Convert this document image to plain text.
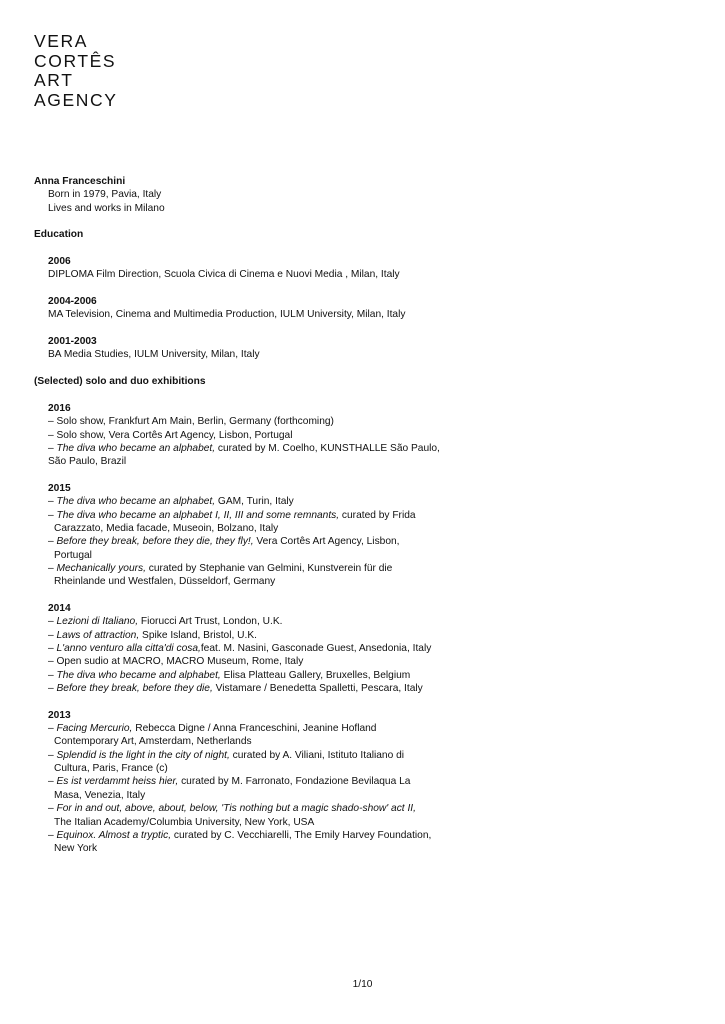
VERA
CORTÊS
ART
AGENCY
Anna Franceschini
Born in 1979, Pavia, Italy
Lives and works in Milano
Education
2006
DIPLOMA Film Direction, Scuola Civica di Cinema e Nuovi Media , Milan, Italy
2004-2006
MA Television, Cinema and Multimedia Production, IULM University, Milan, Italy
2001-2003
BA Media Studies, IULM University, Milan, Italy
(Selected) solo and duo exhibitions
2016
– Solo show, Frankfurt Am Main, Berlin, Germany (forthcoming)
– Solo show, Vera Cortês Art Agency, Lisbon, Portugal
– The diva who became an alphabet, curated by M. Coelho, KUNSTHALLE São Paulo,
São Paulo, Brazil
2015
– The diva who became an alphabet, GAM, Turin, Italy
– The diva who became an alphabet I, II, III and some remnants, curated by Frida
Carazzato, Media facade, Museoin, Bolzano, Italy
– Before they break, before they die, they fly!, Vera Cortês Art Agency, Lisbon,
Portugal
– Mechanically yours, curated by Stephanie van Gelmini, Kunstverein für die
Rheinlande und Westfalen, Düsseldorf, Germany
2014
– Lezioni di Italiano, Fiorucci Art Trust, London, U.K.
– Laws of attraction, Spike Island, Bristol, U.K.
– L'anno venturo alla citta'di cosa,feat. M. Nasini, Gasconade Guest, Ansedonia, Italy
– Open sudio at MACRO, MACRO Museum, Rome, Italy
– The diva who became and alphabet, Elisa Platteau Gallery, Bruxelles, Belgium
– Before they break, before they die, Vistamare / Benedetta Spalletti, Pescara, Italy
2013
– Facing Mercurio, Rebecca Digne / Anna Franceschini, Jeanine Hofland
Contemporary Art, Amsterdam, Netherlands
– Splendid is the light in the city of night, curated by A. Viliani, Istituto Italiano di
Cultura, Paris, France (c)
– Es ist verdammt heiss hier, curated by M. Farronato, Fondazione Bevilaqua La
Masa, Venezia, Italy
– For in and out, above, about, below, 'Tis nothing but a magic shado-show' act II,
The Italian Academy/Columbia University, New York, USA
– Equinox. Almost a tryptic, curated by C. Vecchiarelli, The Emily Harvey Foundation,
New York
1/10
